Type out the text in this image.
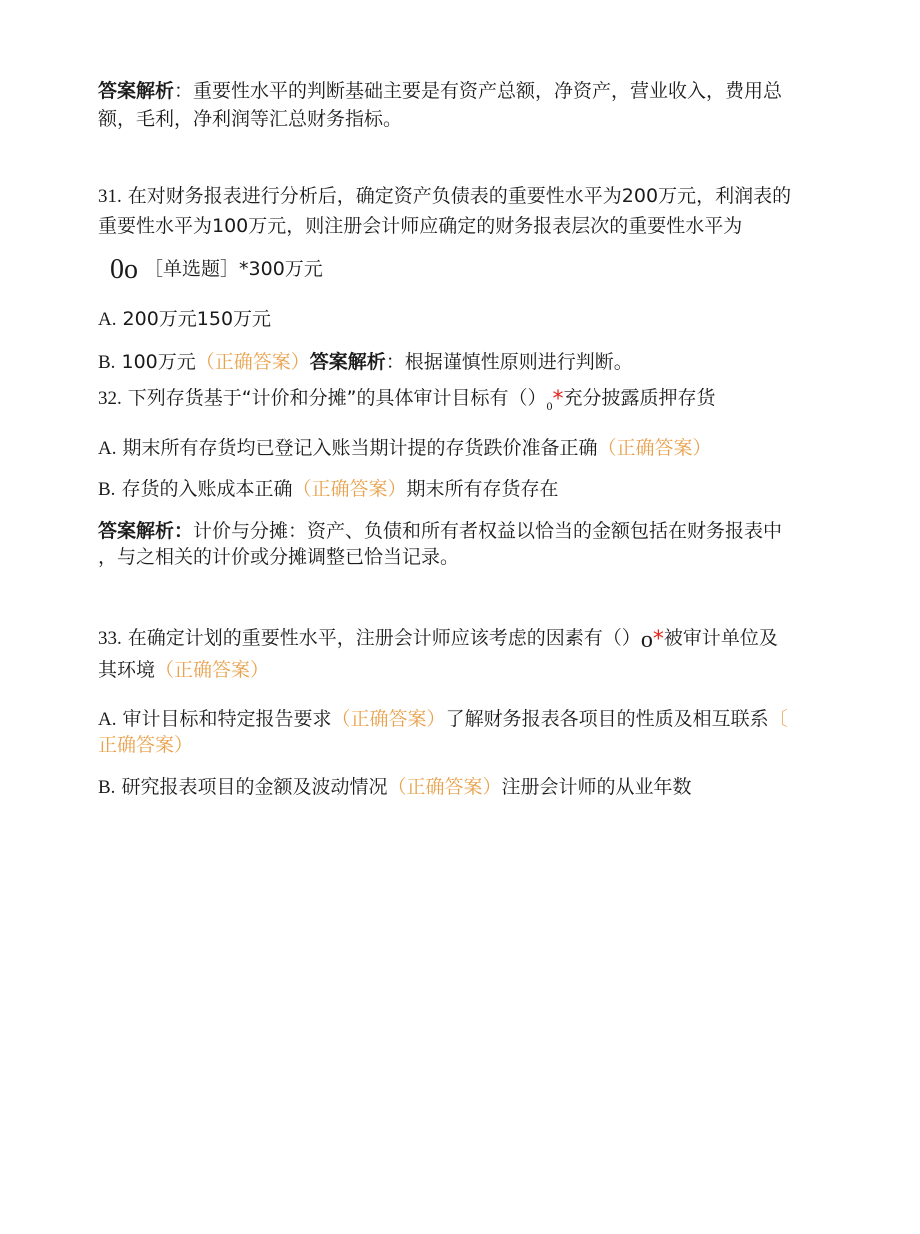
答案解析：重要性水平的判断基础主要是有资产总额，净资产，营业收入，费用总
额，毛利，净利润等汇总财务指标。
31. 在对财务报表进行分析后，确定资产负债表的重要性水平为200万元，利润表的
重要性水平为100万元，则注册会计师应确定的财务报表层次的重要性水平为
0o ［单选题］*300万元
A. 200万元150万元
B. 100万元（正确答案）答案解析：根据谨慎性原则进行判断。
32. 下列存货基于“计价和分摊”的具体审计目标有$()_0*$充分披露质押存货
A. 期末所有存货均已登记入账当期计提的存货跌价准备正确（正确答案）
B. 存货的入账成本正确（正确答案）期末所有存货存在
答案解析：计价与分摊：资产、负债和所有者权益以恰当的金额包括在财务报表中
，与之相关的计价或分摊调整已恰当记录。
33. 在确定计划的重要性水平，注册会计师应该考虑的因素有（）o*被审计单位及
其环境（正确答案）
A. 审计目标和特定报告要求（正确答案）了解财务报表各项目的性质及相互联系〔
正确答案）
B. 研究报表项目的金额及波动情况（正确答案）注册会计师的从业年数
